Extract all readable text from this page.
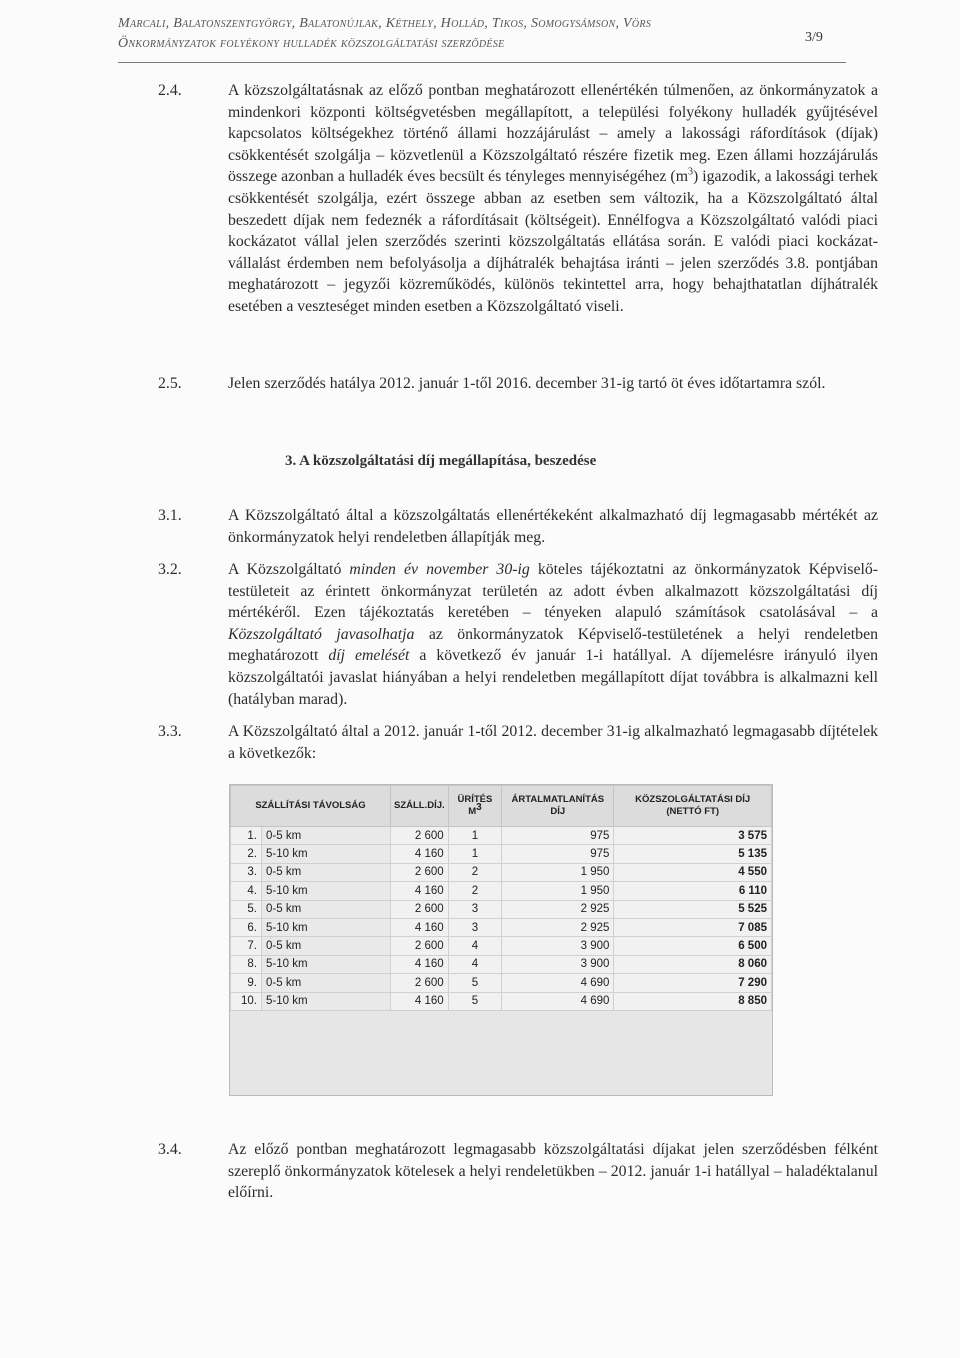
Marcali, Balatonszentgyörgy, Balatonújlak, Kéthely, Hollád, Tikos, Somogysámson, Vörs
Önkormányzatok folyékony hulladék közszolgáltatási szerződése	3/9
2.4.	A közszolgáltatásnak az előző pontban meghatározott ellenértékén túlmenően, az önkormányzatok a mindenkori központi költségvetésben megállapított, a települési folyékony hulladék gyűjtésével kapcsolatos költségekhez történő állami hozzájárulást – amely a lakossági ráfordítások (díjak) csökkentését szolgálja – közvetlenül a Közszolgáltató részére fizetik meg. Ezen állami hozzájárulás összege azonban a hulladék éves becsült és tényleges mennyiségéhez $(m^3)$ igazodik, a lakossági terhek csökkentését szolgálja, ezért összege abban az esetben sem változik, ha a Közszolgáltató által beszedett díjak nem fedeznék a ráfordításait (költségeit). Ennélfogva a Közszolgáltató valódi piaci kockázatot vállal jelen szerződés szerinti közszolgáltatás ellátása során. E valódi piaci kockázat-vállalást érdemben nem befolyásolja a díjhátralék behajtása iránti – jelen szerződés 3.8. pontjában meghatározott – jegyzői közreműködés, különös tekintettel arra, hogy behajthatatlan díjhátralék esetében a veszteséget minden esetben a Közszolgáltató viseli.
2.5.	Jelen szerződés hatálya 2012. január 1-től 2016. december 31-ig tartó öt éves időtartamra szól.
3. A közszolgáltatási díj megállapítása, beszedése
3.1.	A Közszolgáltató által a közszolgáltatás ellenértékeként alkalmazható díj legmagasabb mértékét az önkormányzatok helyi rendeletben állapítják meg.
3.2.	A Közszolgáltató minden év november 30-ig köteles tájékoztatni az önkormányzatok Képviselő-testületeit az érintett önkormányzat területén az adott évben alkalmazott közszolgáltatási díj mértékéről. Ezen tájékoztatás keretében – tényeken alapuló számítások csatolásával – a Közszolgáltató javasolhatja az önkormányzatok Képviselő-testületének a helyi rendeletben meghatározott díj emelését a következő év január 1-i hatállyal. A díjemelésre irányuló ilyen közszolgáltatói javaslat hiányában a helyi rendeletben megállapított díjat továbbra is alkalmazni kell (hatályban marad).
3.3.	A Közszolgáltató által a 2012. január 1-től 2012. december 31-ig alkalmazható legmagasabb díjtételek a következők:
SZÁLLÍTÁSI TÁVOLSÁG		SZÁLL.DÍJ.	ÜRÍTÉS $M^3$	ÁRTALMATLANÍTÁS DÍJ	KÖZSZOLGÁLTATÁSI DÍJ (NETTÓ FT)
1.	0-5 km	2 600	1	975	3 575
2.	5-10 km	4 160	1	975	5 135
3.	0-5 km	2 600	2	1 950	4 550
4.	5-10 km	4 160	2	1 950	6 110
5.	0-5 km	2 600	3	2 925	5 525
6.	5-10 km	4 160	3	2 925	7 085
7.	0-5 km	2 600	4	3 900	6 500
8.	5-10 km	4 160	4	3 900	8 060
9.	0-5 km	2 600	5	4 690	7 290
10.	5-10 km	4 160	5	4 690	8 850
3.4.	Az előző pontban meghatározott legmagasabb közszolgáltatási díjakat jelen szerződésben félként szereplő önkormányzatok kötelesek a helyi rendeletükben – 2012. január 1-i hatállyal – haladéktalanul előírni.
